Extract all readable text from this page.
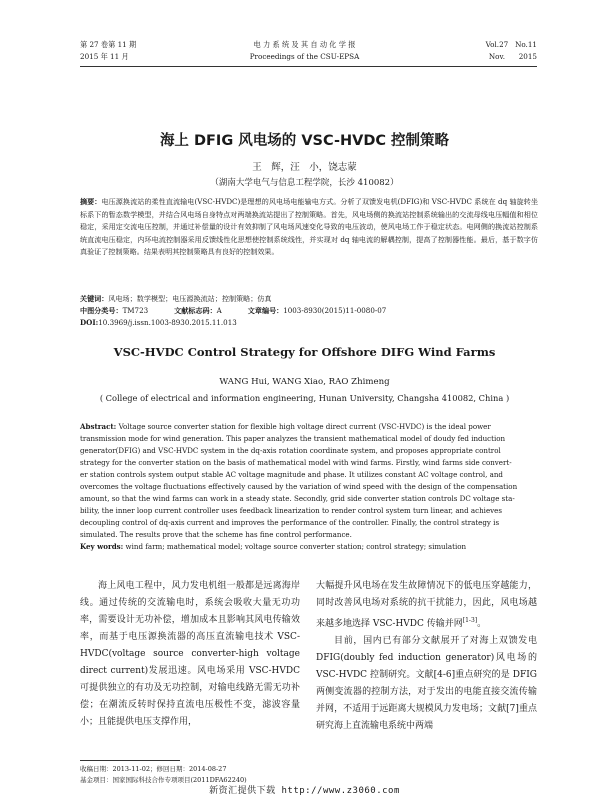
第 27 卷第 11 期
2015 年 11 月
电 力 系 统 及 其 自 动 化 学 报
Proceedings of the CSU-EPSA
Vol.27   No.11
Nov.      2015
海上 DFIG 风电场的 VSC-HVDC 控制策略
王　辉，汪　小，饶志蒙
（湖南大学电气与信息工程学院，长沙 410082）
摘要：电压源换流站的柔性直流输电(VSC-HVDC)是理想的风电场电能输电方式。分析了双馈发电机(DFIG)和 VSC-HVDC 系统在 dq 轴旋转坐标系下的暂态数学模型，并结合风电场自身特点对两端换流站提出了控制策略。首先，风电场侧的换流站控制系统输出的交流母线电压幅值和相位稳定，采用定交流电压控制，并通过补偿量的设计有效抑制了风电场风速变化导致的电压波动，使风电场工作于稳定状态。电网侧的换流站控制系统直流电压稳定，内环电流控制器采用反馈线性化思想使控制系统线性，并实现对 dq 轴电流的解耦控制，提高了控制器性能。最后，基于数字仿真验证了控制策略。结果表明其控制策略具有良好的控制效果。
关键词：风电场；数学模型；电压源换流站；控制策略；仿真
中图分类号：TM723	文献标志码：A	文章编号：1003-8930(2015)11-0080-07
DOI:10.3969/j.issn.1003-8930.2015.11.013
VSC-HVDC Control Strategy for Offshore DIFG Wind Farms
WANG Hui, WANG Xiao, RAO Zhimeng
( College of electrical and information engineering, Hunan University, Changsha 410082, China )
Abstract: Voltage source converter station for flexible high voltage direct current (VSC-HVDC) is the ideal power
transmission mode for wind generation. This paper analyzes the transient mathematical model of doudy fed induction
generator(DFIG) and VSC-HVDC system in the dq-axis rotation coordinate system, and proposes appropriate control
strategy for the converter station on the basis of mathematical model with wind farms. Firstly, wind farms side convert-
er station controls system output stable AC voltage magnitude and phase. It utilizes constant AC voltage control, and
overcomes the voltage fluctuations effectively caused by the variation of wind speed with the design of the compensation
amount, so that the wind farms can work in a steady state. Secondly, grid side converter station controls DC voltage sta-
bility, the inner loop current controller uses feedback linearization to render control system turn linear, and achieves
decoupling control of dq-axis current and improves the performance of the controller. Finally, the control strategy is
simulated. The results prove that the scheme has fine control performance.
Key words: wind farm; mathematical model; voltage source converter station; control strategy; simulation

海上风电工程中，风力发电机组一般都是远离海岸线。通过传统的交流输电时，系统会吸收大量无功功率，需要设计无功补偿，增加成本且影响其风电传输效率，而基于电压源换流器的高压直流输电技术 VSC-HVDC(voltage source converter-high voltage direct current)发展迅速。风电场采用 VSC-HVDC 可提供独立的有功及无功控制，对输电线路无需无功补偿；在潮流反转时保持直流电压极性不变，滤波容量小；且能提供电压支撑作用，

大幅提升风电场在发生故障情况下的低电压穿越能力，同时改善风电场对系统的抗干扰能力，因此，风电场越来越多地选择 VSC-HVDC 传输并网[1-3]。

目前，国内已有部分文献展开了对海上双馈发电 DFIG(doubly fed induction generator)风电场的 VSC-HVDC 控制研究。文献[4-6]重点研究的是 DFIG 两侧变流器的控制方法，对于发出的电能直接交流传输并网，不适用于远距离大规模风力发电场；文献[7]重点研究海上直流输电系统中两端

收稿日期：2013-11-02；修回日期：2014-08-27
基金项目：国家国际科技合作专项项目(2011DFA62240)
新资汇提供下载 http://www.z3060.com
